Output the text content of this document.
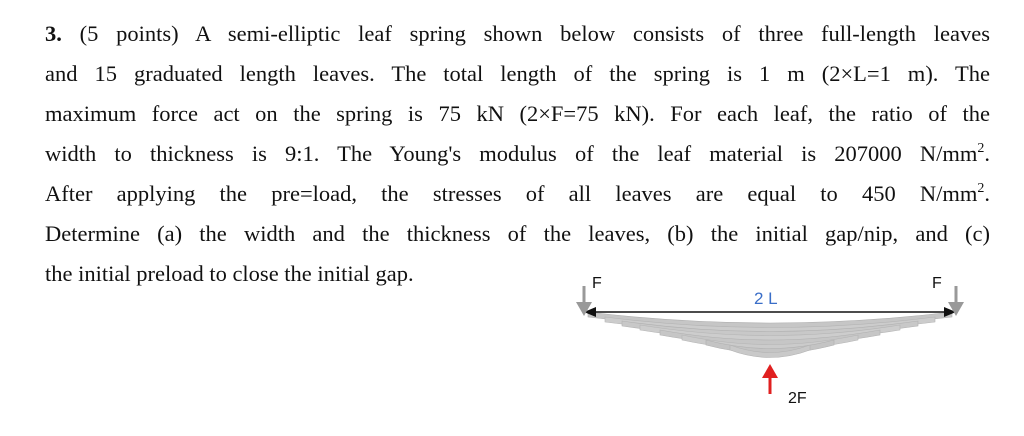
3. (5 points) A semi-elliptic leaf spring shown below consists of three full-length leaves
and 15 graduated length leaves. The total length of the spring is 1 m (2×L=1 m). The
maximum force act on the spring is 75 kN (2×F=75 kN). For each leaf, the ratio of the
width to thickness is 9:1. The Young's modulus of the leaf material is 207000 $N/mm^2$.
After applying the pre=load, the stresses of all leaves are equal to 450 $N/mm^2$.
Determine (a) the width and the thickness of the leaves, (b) the initial gap/nip, and (c)
the initial preload to close the initial gap.	F	F
2 L
2F
